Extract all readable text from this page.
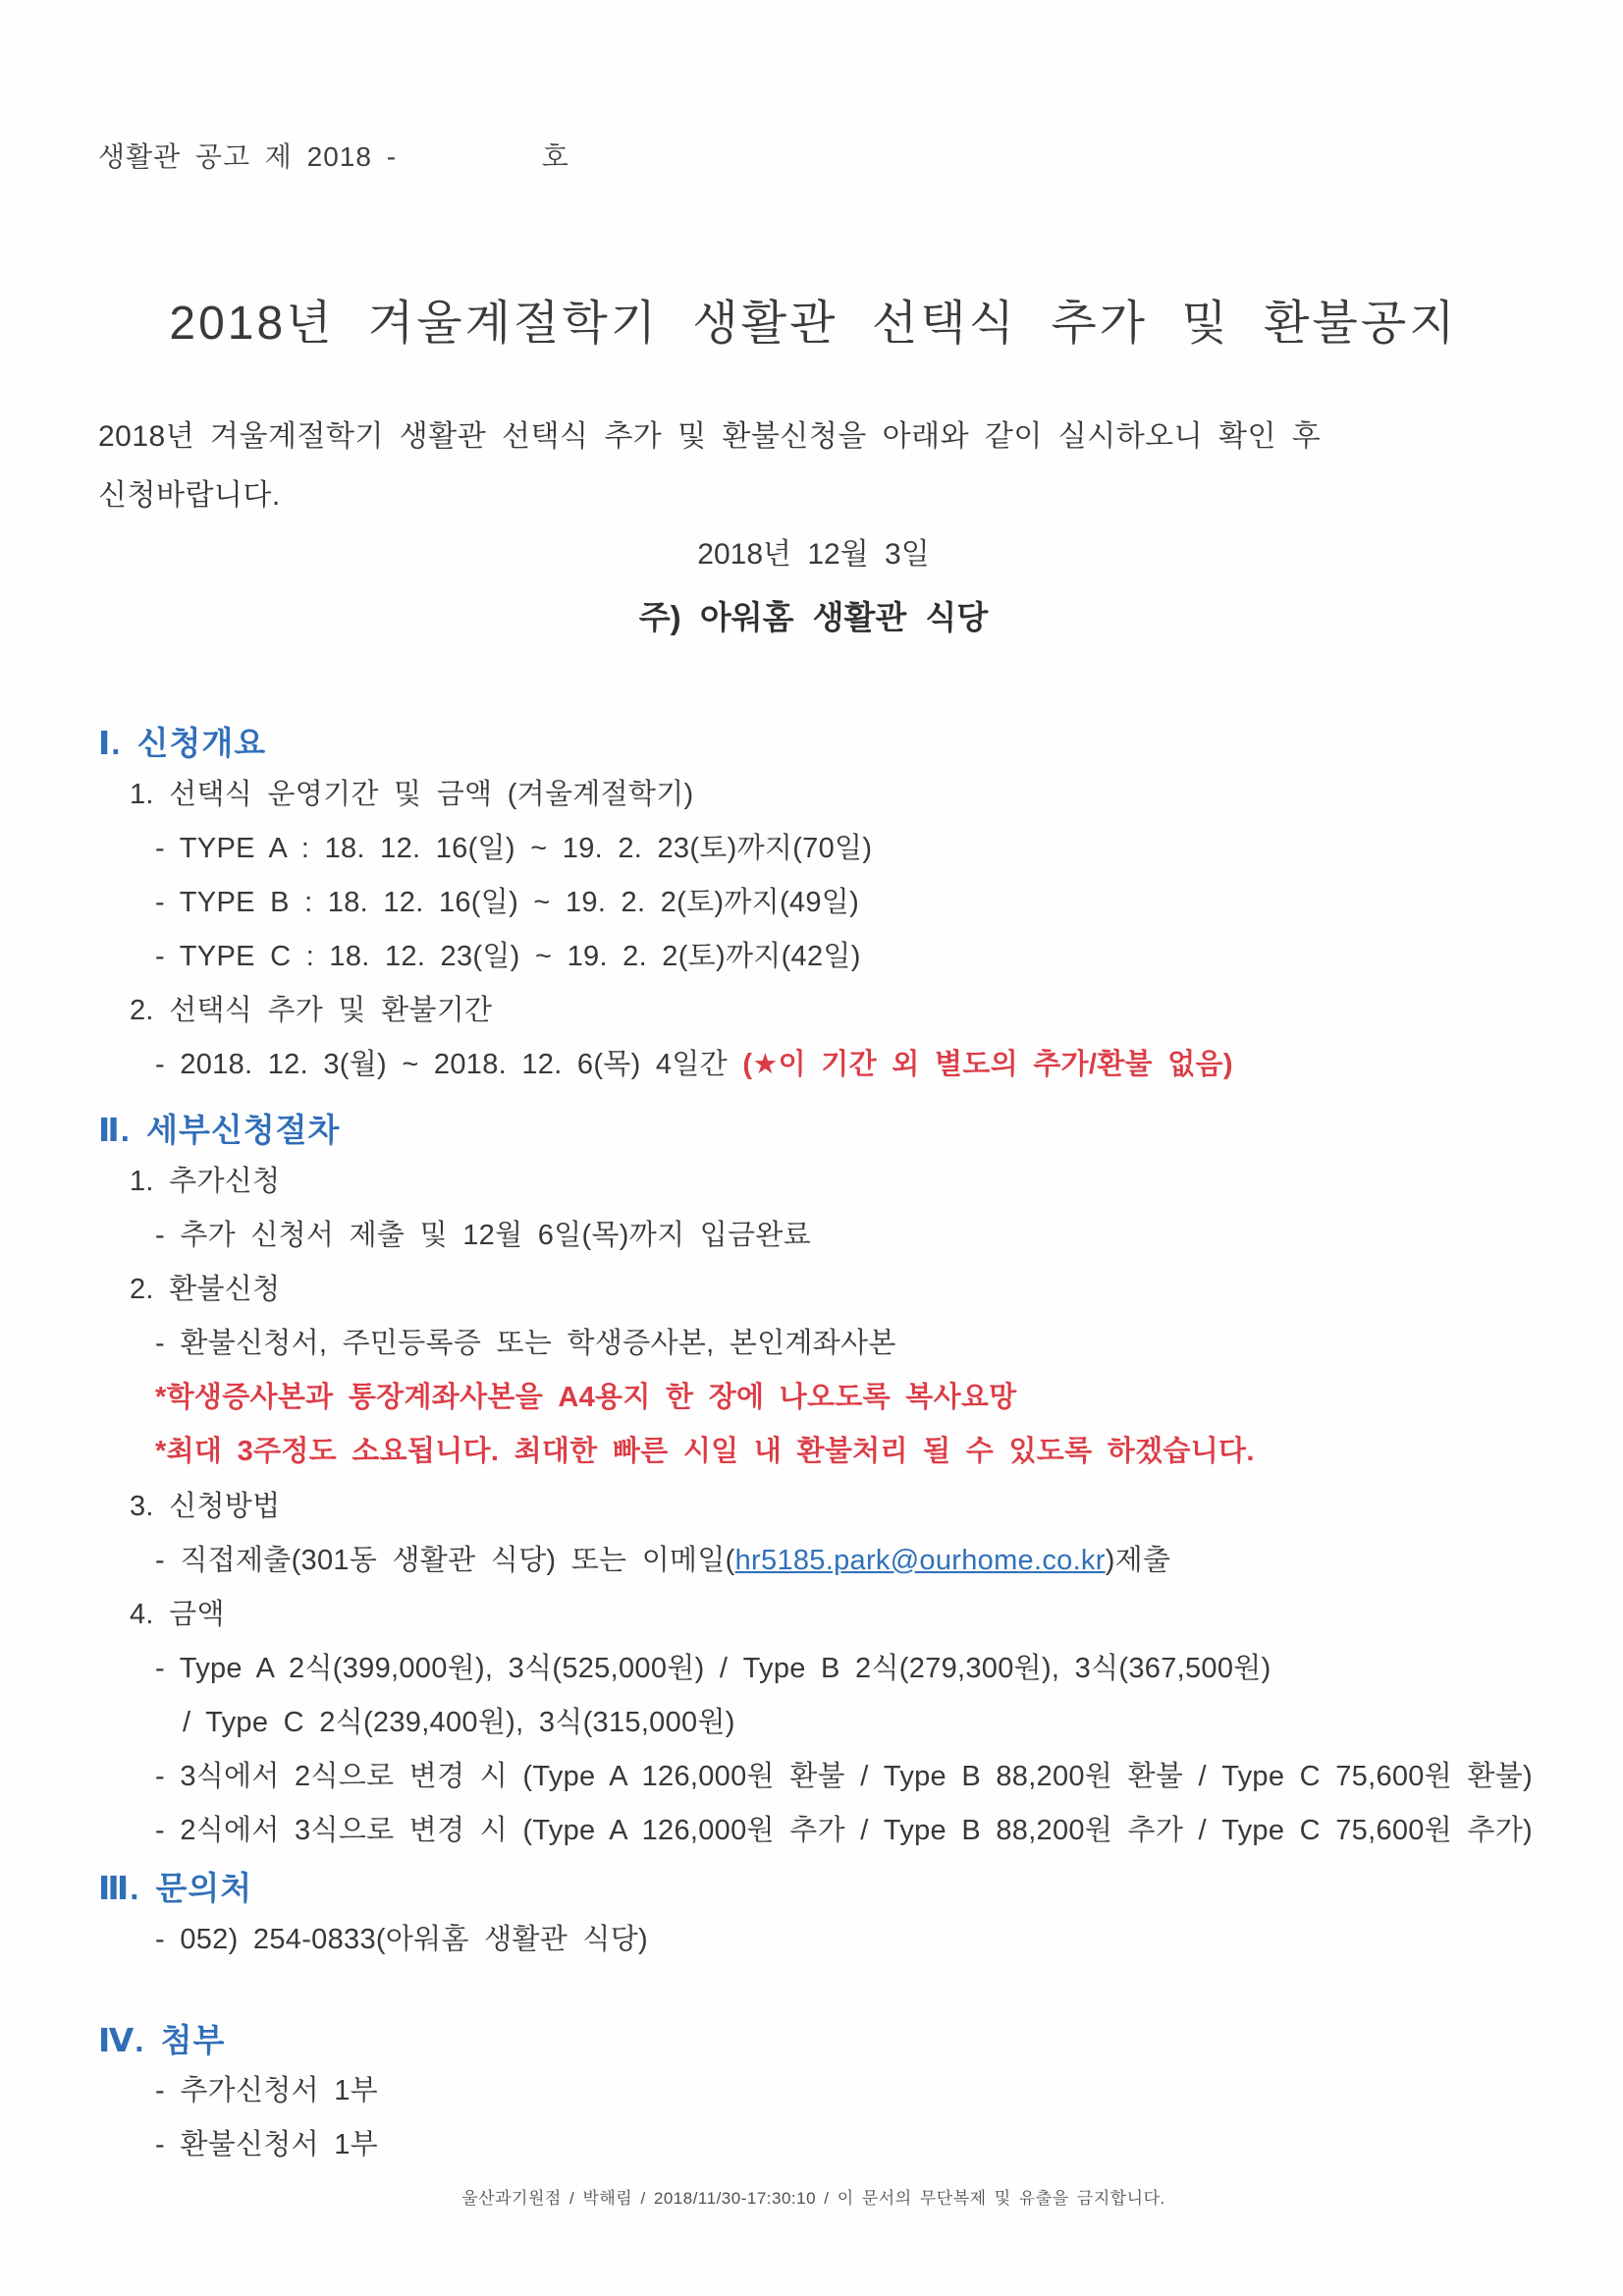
생활관 공고 제 2018 -          호
2018년 겨울계절학기 생활관 선택식 추가 및 환불공지

2018년 겨울계절학기 생활관 선택식 추가 및 환불신청을 아래와 같이 실시하오니 확인 후

신청바랍니다.

2018년 12월 3일
주) 아워홈 생활관 식당
Ⅰ. 신청개요
1. 선택식 운영기간 및 금액 (겨울계절학기)
- TYPE A : 18. 12. 16(일) ~ 19. 2. 23(토)까지(70일)
- TYPE B : 18. 12. 16(일) ~ 19. 2. 2(토)까지(49일)
- TYPE C : 18. 12. 23(일) ~ 19. 2. 2(토)까지(42일)
2. 선택식 추가 및 환불기간
- 2018. 12. 3(월) ~ 2018. 12. 6(목) 4일간 (★이 기간 외 별도의 추가/환불 없음)
Ⅱ. 세부신청절차
1. 추가신청
- 추가 신청서 제출 및 12월 6일(목)까지 입금완료
2. 환불신청
- 환불신청서, 주민등록증 또는 학생증사본, 본인계좌사본
*학생증사본과 통장계좌사본을 A4용지 한 장에 나오도록 복사요망
*최대 3주정도 소요됩니다. 최대한 빠른 시일 내 환불처리 될 수 있도록 하겠습니다.
3. 신청방법
- 직접제출(301동 생활관 식당) 또는 이메일(hr5185.park@ourhome.co.kr)제출
4. 금액
- Type A 2식(399,000원), 3식(525,000원) / Type B 2식(279,300원), 3식(367,500원)
/ Type C 2식(239,400원), 3식(315,000원)
- 3식에서 2식으로 변경 시 (Type A 126,000원 환불 / Type B 88,200원 환불 / Type C 75,600원 환불)
- 2식에서 3식으로 변경 시 (Type A 126,000원 추가 / Type B 88,200원 추가 / Type C 75,600원 추가)
Ⅲ. 문의처
- 052) 254-0833(아워홈 생활관 식당)
Ⅳ. 첨부
- 추가신청서 1부
- 환불신청서 1부
울산과기원점 / 박해림 / 2018/11/30-17:30:10 / 이 문서의 무단복제 및 유출을 금지합니다.
